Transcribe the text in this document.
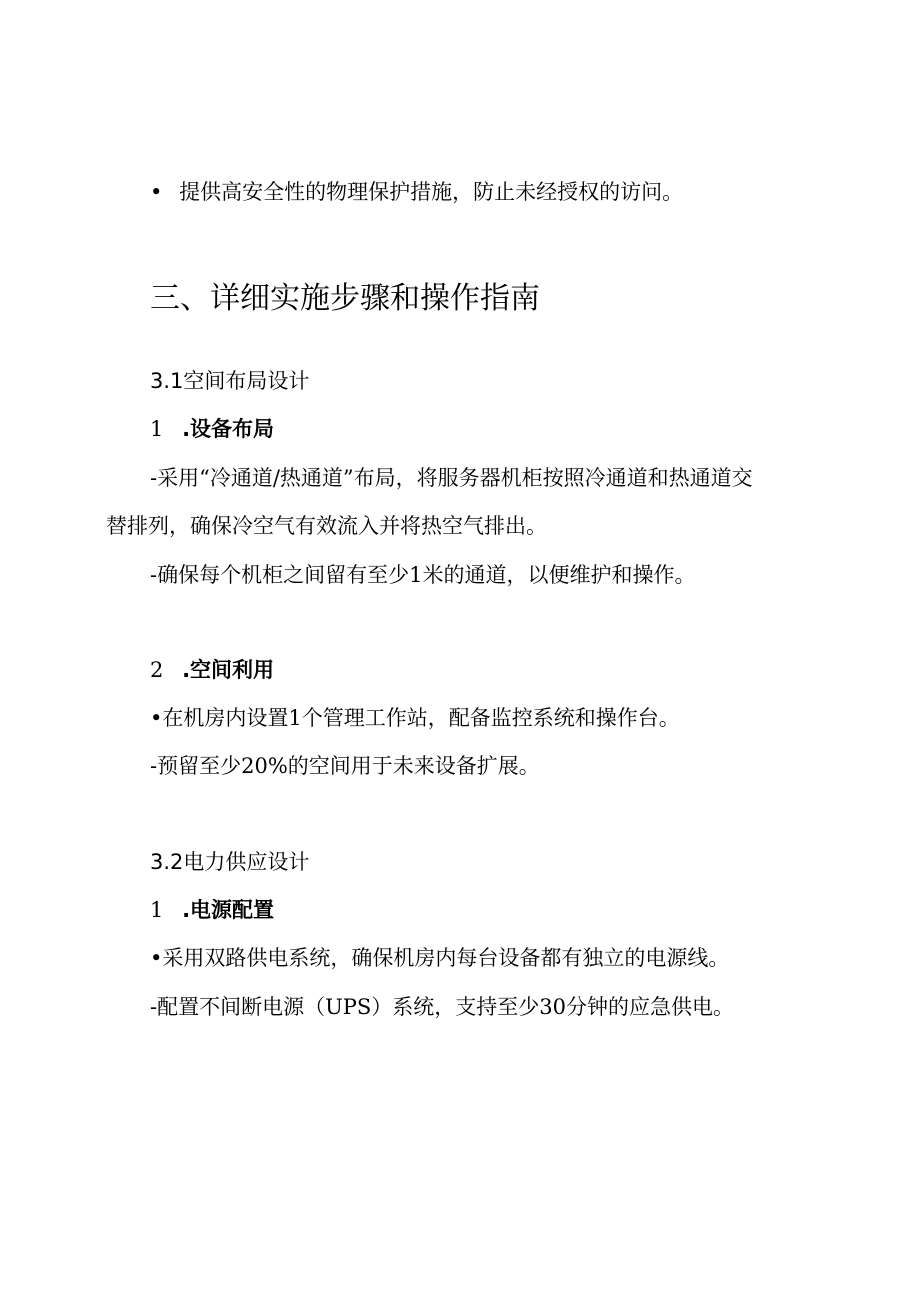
• 提供高安全性的物理保护措施，防止未经授权的访问。
三、详细实施步骤和操作指南
3.1空间布局设计
1 .设备布局
-采用“冷通道/热通道”布局，将服务器机柜按照冷通道和热通道交
替排列，确保冷空气有效流入并将热空气排出。
-确保每个机柜之间留有至少1米的通道，以便维护和操作。
2 .空间利用
•在机房内设置1个管理工作站，配备监控系统和操作台。
-预留至少20%的空间用于未来设备扩展。
3.2电力供应设计
1 .电源配置
•采用双路供电系统，确保机房内每台设备都有独立的电源线。
-配置不间断电源（UPS）系统，支持至少30分钟的应急供电。
